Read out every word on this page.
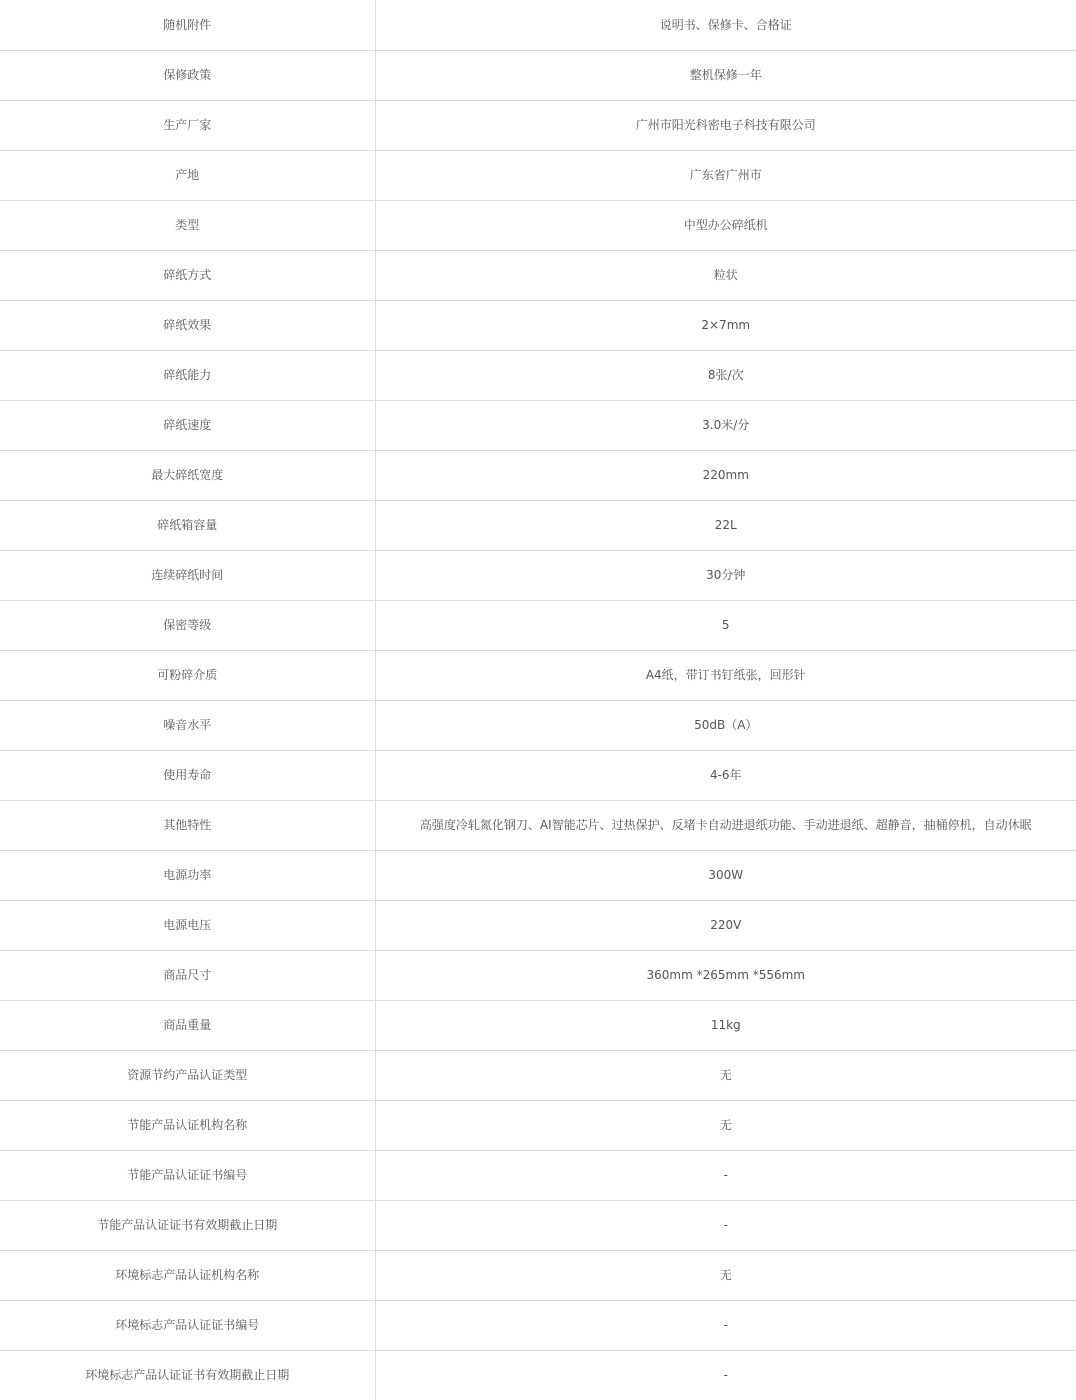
随机附件	说明书、保修卡、合格证
保修政策	整机保修一年
生产厂家	广州市阳光科密电子科技有限公司
产地	广东省广州市
类型	中型办公碎纸机
碎纸方式	粒状
碎纸效果	2×7mm
碎纸能力	8张/次
碎纸速度	3.0米/分
最大碎纸宽度	220mm
碎纸箱容量	22L
连续碎纸时间	30分钟
保密等级	5
可粉碎介质	A4纸，带订书钉纸张，回形针
噪音水平	50dB（A）
使用寿命	4-6年
其他特性	高强度冷轧氮化钢刀、AI智能芯片、过热保护、反堵卡自动进退纸功能、手动进退纸、超静音，抽桶停机，自动休眠
电源功率	300W
电源电压	220V
商品尺寸	360mm *265mm *556mm
商品重量	11kg
资源节约产品认证类型	无
节能产品认证机构名称	无
节能产品认证证书编号	-
节能产品认证证书有效期截止日期	-
环境标志产品认证机构名称	无
环境标志产品认证证书编号	-
环境标志产品认证证书有效期截止日期	-
